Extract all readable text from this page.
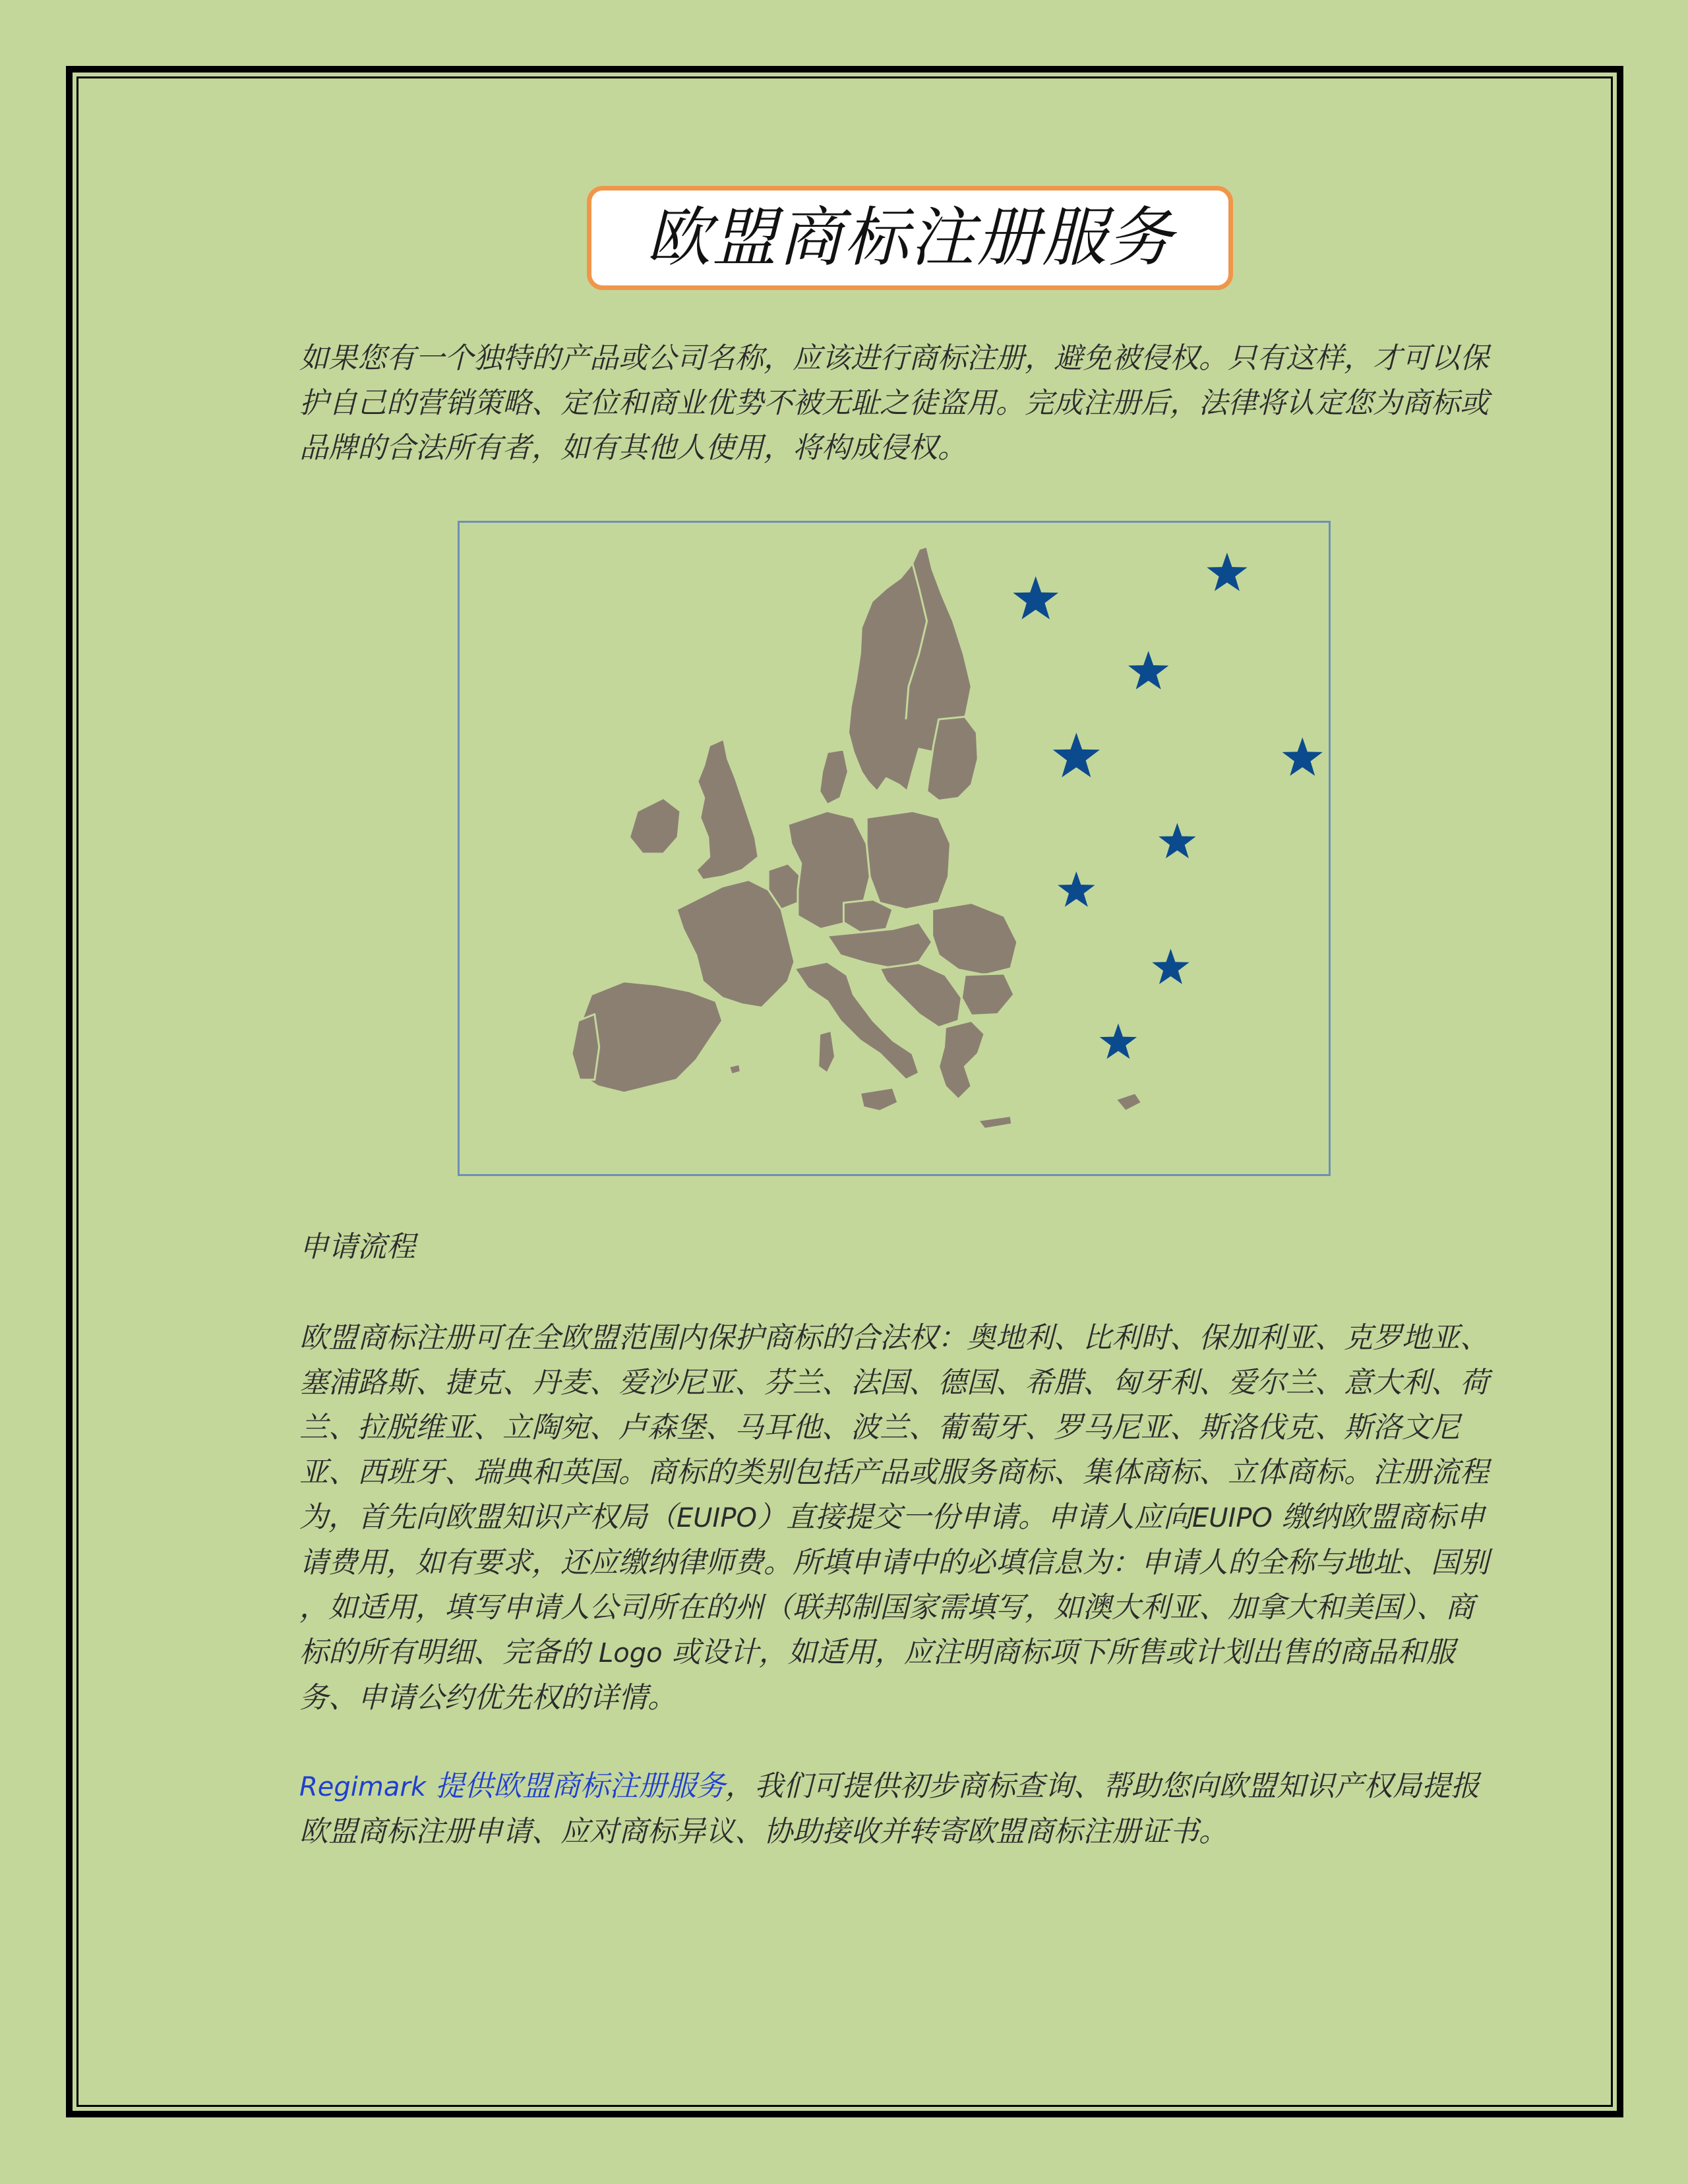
欧盟商标注册服务

如果您有一个独特的产品或公司名称，应该进行商标注册，避免被侵权。只有这样，才可以保护自己的营销策略、定位和商业优势不被无耻之徒盗用。完成注册后，法律将认定您为商标或品牌的合法所有者，如有其他人使用，将构成侵权。

申请流程

欧盟商标注册可在全欧盟范围内保护商标的合法权：奥地利、比利时、保加利亚、克罗地亚、塞浦路斯、捷克、丹麦、爱沙尼亚、芬兰、法国、德国、希腊、匈牙利、爱尔兰、意大利、荷兰、拉脱维亚、立陶宛、卢森堡、马耳他、波兰、葡萄牙、罗马尼亚、斯洛伐克、斯洛文尼亚、西班牙、瑞典和英国。商标的类别包括产品或服务商标、集体商标、立体商标。注册流程为，首先向欧盟知识产权局（EUIPO）直接提交一份申请。申请人应向EUIPO 缴纳欧盟商标申请费用，如有要求，还应缴纳律师费。所填申请中的必填信息为：申请人的全称与地址、国别 ，如适用，填写申请人公司所在的州（联邦制国家需填写，如澳大利亚、加拿大和美国）、商标的所有明细、完备的 Logo 或设计，如适用，应注明商标项下所售或计划出售的商品和服务、申请公约优先权的详情。

Regimark 提供欧盟商标注册服务，我们可提供初步商标查询、帮助您向欧盟知识产权局提报欧盟商标注册申请、应对商标异议、协助接收并转寄欧盟商标注册证书。
